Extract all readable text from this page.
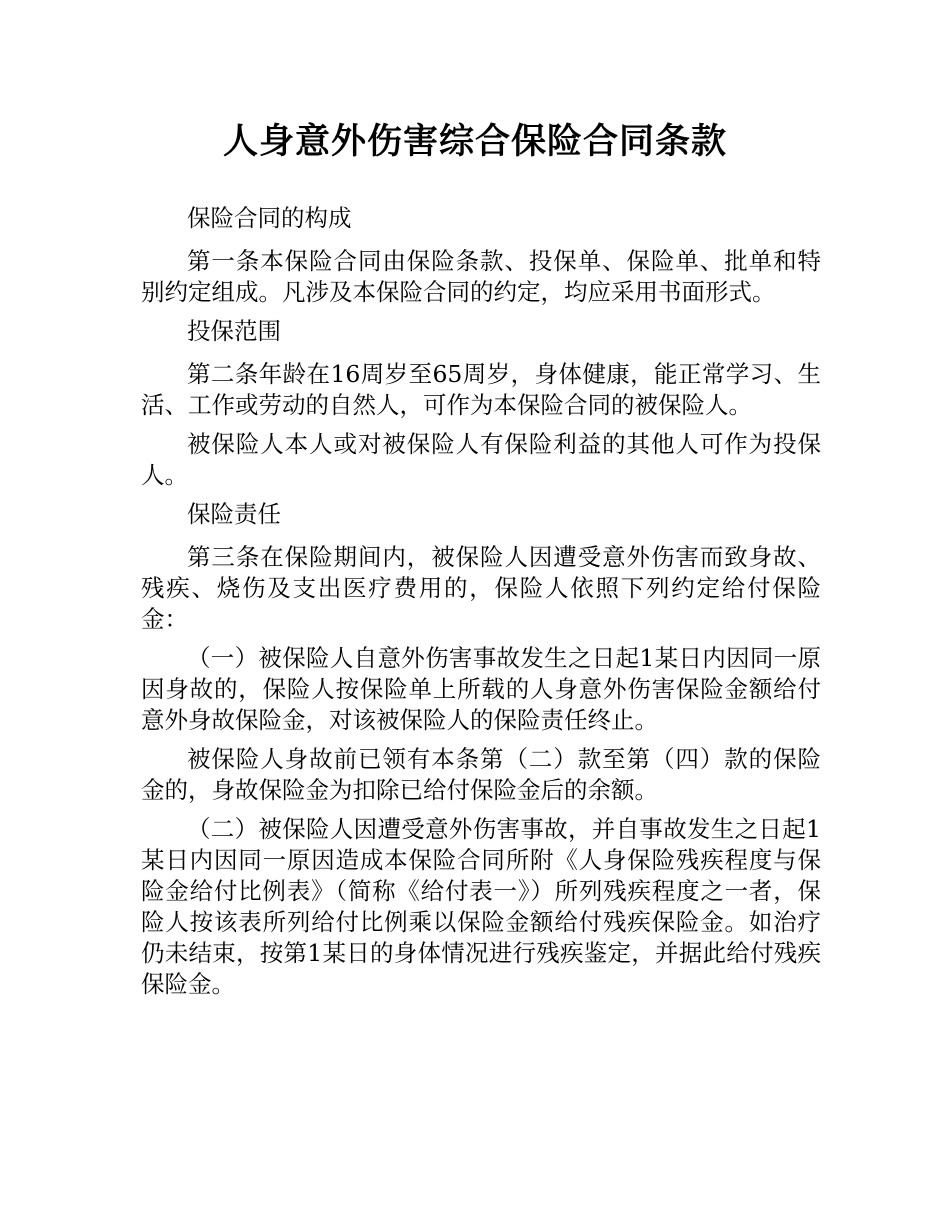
人身意外伤害综合保险合同条款

保险合同的构成

第一条本保险合同由保险条款、投保单、保险单、批单和特别约定组成。凡涉及本保险合同的约定，均应采用书面形式。

投保范围

第二条年龄在16周岁至65周岁，身体健康，能正常学习、生活、工作或劳动的自然人，可作为本保险合同的被保险人。

被保险人本人或对被保险人有保险利益的其他人可作为投保人。

保险责任

第三条在保险期间内，被保险人因遭受意外伤害而致身故、残疾、烧伤及支出医疗费用的，保险人依照下列约定给付保险金：

（一）被保险人自意外伤害事故发生之日起1某日内因同一原因身故的，保险人按保险单上所载的人身意外伤害保险金额给付意外身故保险金，对该被保险人的保险责任终止。

被保险人身故前已领有本条第（二）款至第（四）款的保险金的，身故保险金为扣除已给付保险金后的余额。

（二）被保险人因遭受意外伤害事故，并自事故发生之日起1某日内因同一原因造成本保险合同所附《人身保险残疾程度与保险金给付比例表》（简称《给付表一》）所列残疾程度之一者，保险人按该表所列给付比例乘以保险金额给付残疾保险金。如治疗仍未结束，按第1某日的身体情况进行残疾鉴定，并据此给付残疾保险金。
